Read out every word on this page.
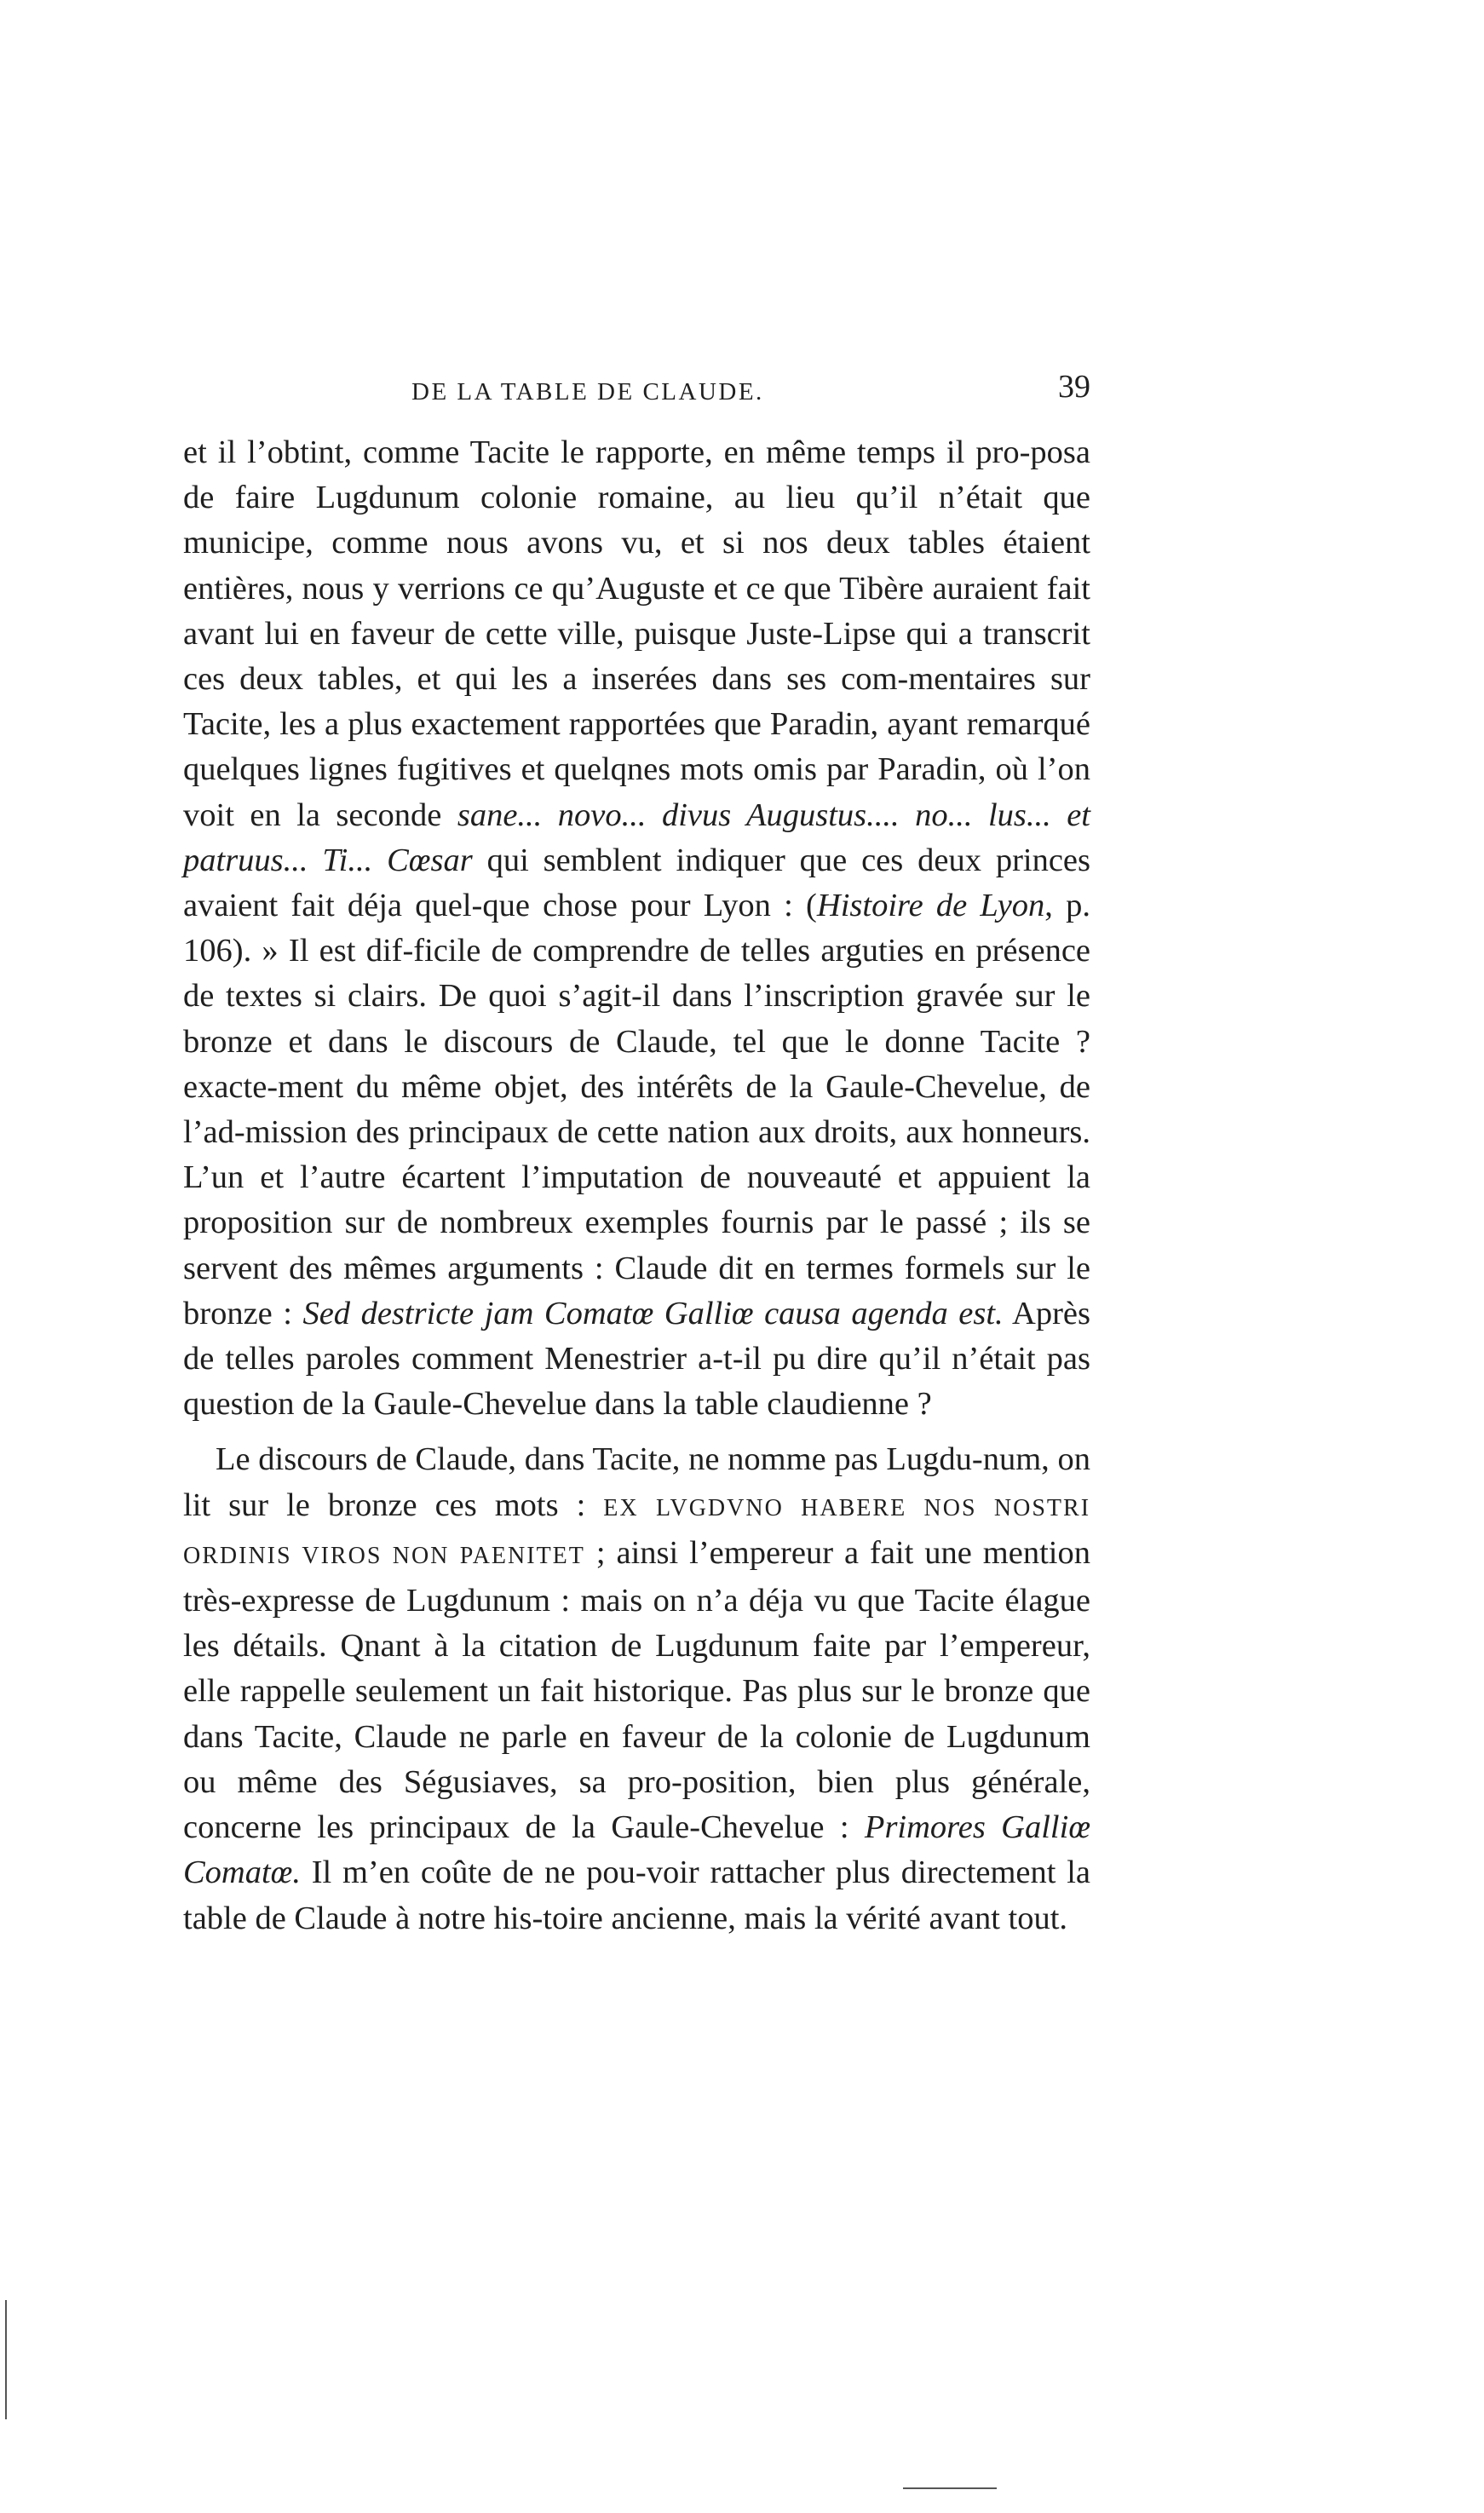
DE LA TABLE DE CLAUDE.	39

et il l’obtint, comme Tacite le rapporte, en même temps il pro-posa de faire Lugdunum colonie romaine, au lieu qu’il n’était que municipe, comme nous avons vu, et si nos deux tables étaient entières, nous y verrions ce qu’Auguste et ce que Tibère auraient fait avant lui en faveur de cette ville, puisque Juste-Lipse qui a transcrit ces deux tables, et qui les a inserées dans ses com-mentaires sur Tacite, les a plus exactement rapportées que Paradin, ayant remarqué quelques lignes fugitives et quelqnes mots omis par Paradin, où l’on voit en la seconde sane... novo... divus Augustus.... no... lus... et patruus... Ti... Cœsar qui semblent indiquer que ces deux princes avaient fait déja quel-que chose pour Lyon : (Histoire de Lyon, p. 106). » Il est dif-ficile de comprendre de telles arguties en présence de textes si clairs. De quoi s’agit-il dans l’inscription gravée sur le bronze et dans le discours de Claude, tel que le donne Tacite ? exacte-ment du même objet, des intérêts de la Gaule-Chevelue, de l’ad-mission des principaux de cette nation aux droits, aux honneurs. L’un et l’autre écartent l’imputation de nouveauté et appuient la proposition sur de nombreux exemples fournis par le passé ; ils se servent des mêmes arguments : Claude dit en termes formels sur le bronze : Sed destricte jam Comatœ Galliœ causa agenda est. Après de telles paroles comment Menestrier a-t-il pu dire qu’il n’était pas question de la Gaule-Chevelue dans la table claudienne ?

Le discours de Claude, dans Tacite, ne nomme pas Lugdu-num, on lit sur le bronze ces mots : EX LVGDVNO HABERE NOS NOSTRI ORDINIS VIROS NON PAENITET ; ainsi l’empereur a fait une mention très-expresse de Lugdunum : mais on n’a déja vu que Tacite élague les détails. Qnant à la citation de Lugdunum faite par l’empereur, elle rappelle seulement un fait historique. Pas plus sur le bronze que dans Tacite, Claude ne parle en faveur de la colonie de Lugdunum ou même des Ségusiaves, sa pro-position, bien plus générale, concerne les principaux de la Gaule-Chevelue : Primores Galliœ Comatœ. Il m’en coûte de ne pou-voir rattacher plus directement la table de Claude à notre his-toire ancienne, mais la vérité avant tout.
